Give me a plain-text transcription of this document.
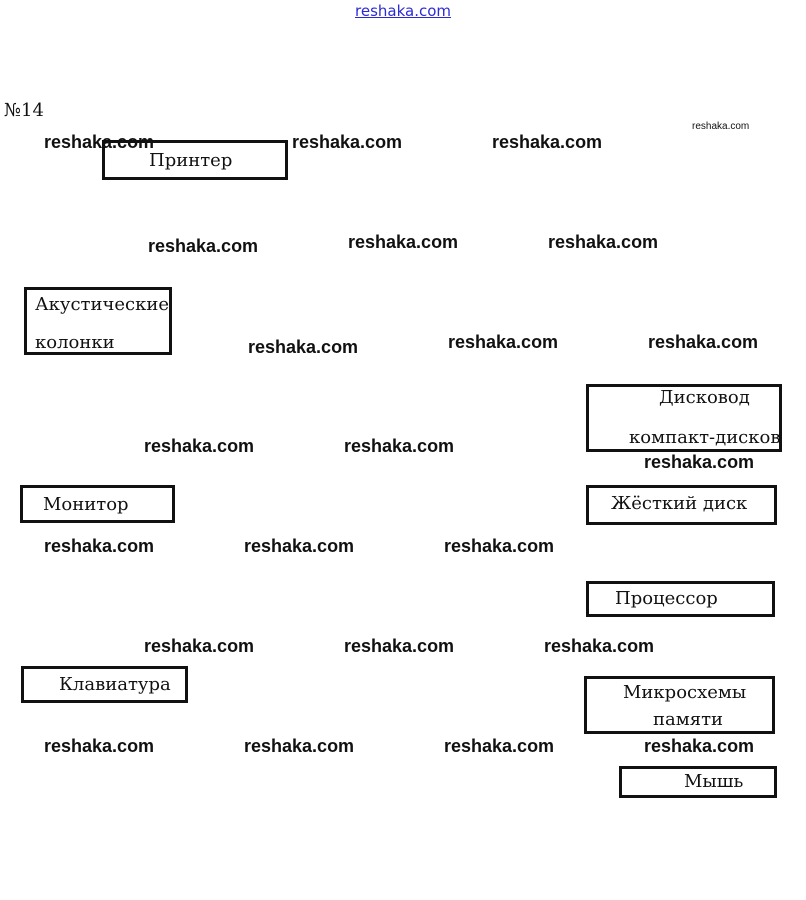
reshaka.com
№14
Принтер
Акустические
колонки
Дисковод
компакт-дисков
Монитор	Жёсткий диск
Процессор
Клавиатура	Микросхемы
памяти
Мышь
reshaka.com
reshaka.com	reshaka.com	reshaka.com
reshaka.com	reshaka.com	reshaka.com
reshaka.com	reshaka.com	reshaka.com
reshaka.com	reshaka.com
reshaka.com
reshaka.com	reshaka.com	reshaka.com
reshaka.com	reshaka.com	reshaka.com
reshaka.com	reshaka.com	reshaka.com	reshaka.com
